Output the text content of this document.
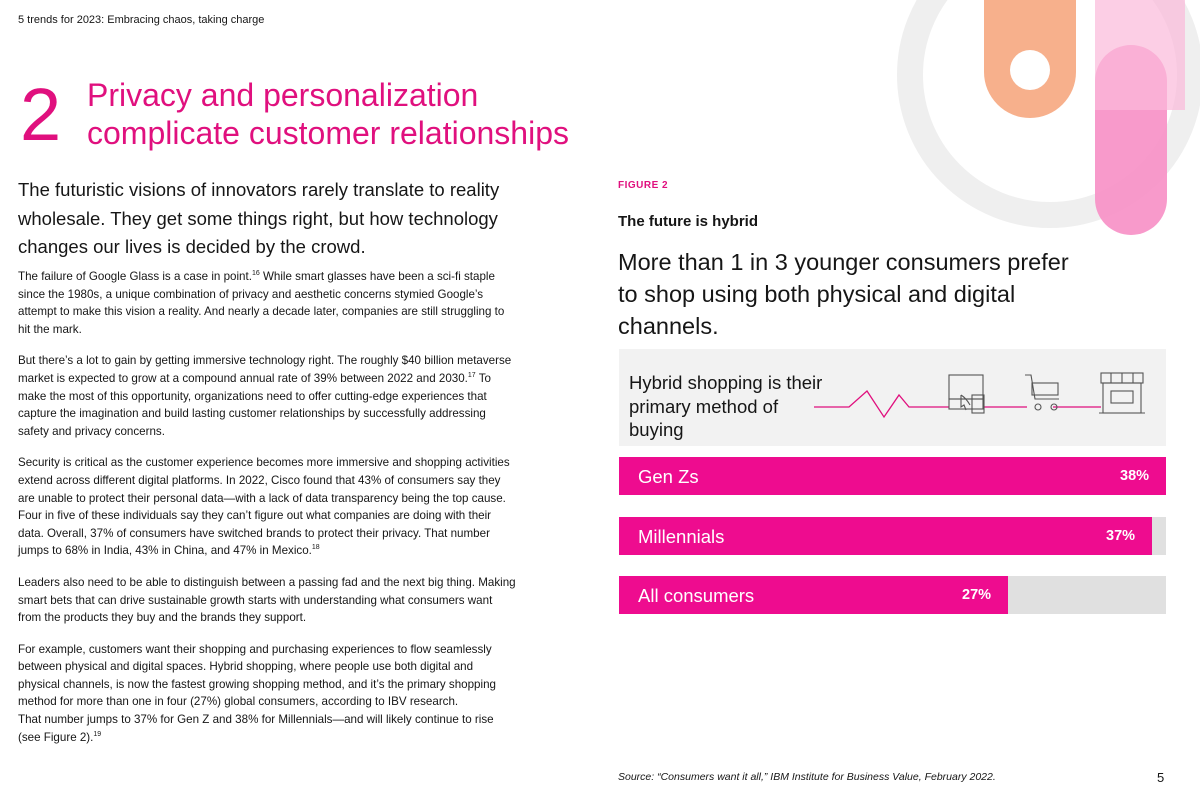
5 trends for 2023: Embracing chaos, taking charge
2 Privacy and personalization
complicate customer relationships
The futuristic visions of innovators rarely translate to reality wholesale. They get some things right, but how technology changes our lives is decided by the crowd.

The failure of Google Glass is a case in point.$^{16}$ While smart glasses have been a sci-fi staple since the 1980s, a unique combination of privacy and aesthetic concerns stymied Google’s attempt to make this vision a reality. And nearly a decade later, companies are still struggling to hit the mark.

But there’s a lot to gain by getting immersive technology right. The roughly $40 billion metaverse market is expected to grow at a compound annual rate of 39% between 2022 and 2030.17 To make the most of this opportunity, organizations need to offer cutting-edge experiences that capture the imagination and build lasting customer relationships by successfully addressing safety and privacy concerns.

Security is critical as the customer experience becomes more immersive and shopping activities extend across different digital platforms. In 2022, Cisco found that 43% of consumers say they are unable to protect their personal data—with a lack of data transparency being the top cause. Four in five of these individuals say they can’t figure out what companies are doing with their data. Overall, 37% of consumers have switched brands to protect their privacy. That number jumps to 68% in India, 43% in China, and 47% in Mexico.$^{18}$

Leaders also need to be able to distinguish between a passing fad and the next big thing. Making smart bets that can drive sustainable growth starts with understanding what consumers want from the products they buy and the brands they support.

For example, customers want their shopping and purchasing experiences to flow seamlessly between physical and digital spaces. Hybrid shopping, where people use both digital and physical channels, is now the fastest growing shopping method, and it’s the primary shopping method for more than one in four (27%) global consumers, according to IBV research.
That number jumps to 37% for Gen Z and 38% for Millennials—and will likely continue to rise (see Figure 2).$^{19}$

FIGURE 2
The future is hybrid
More than 1 in 3 younger consumers prefer to shop using both physical and digital channels.
Hybrid shopping is their primary method of buying
Gen Zs	38%
Millennials	37%
All consumers	27%
Source: “Consumers want it all,” IBM Institute for Business Value, February 2022.	5
